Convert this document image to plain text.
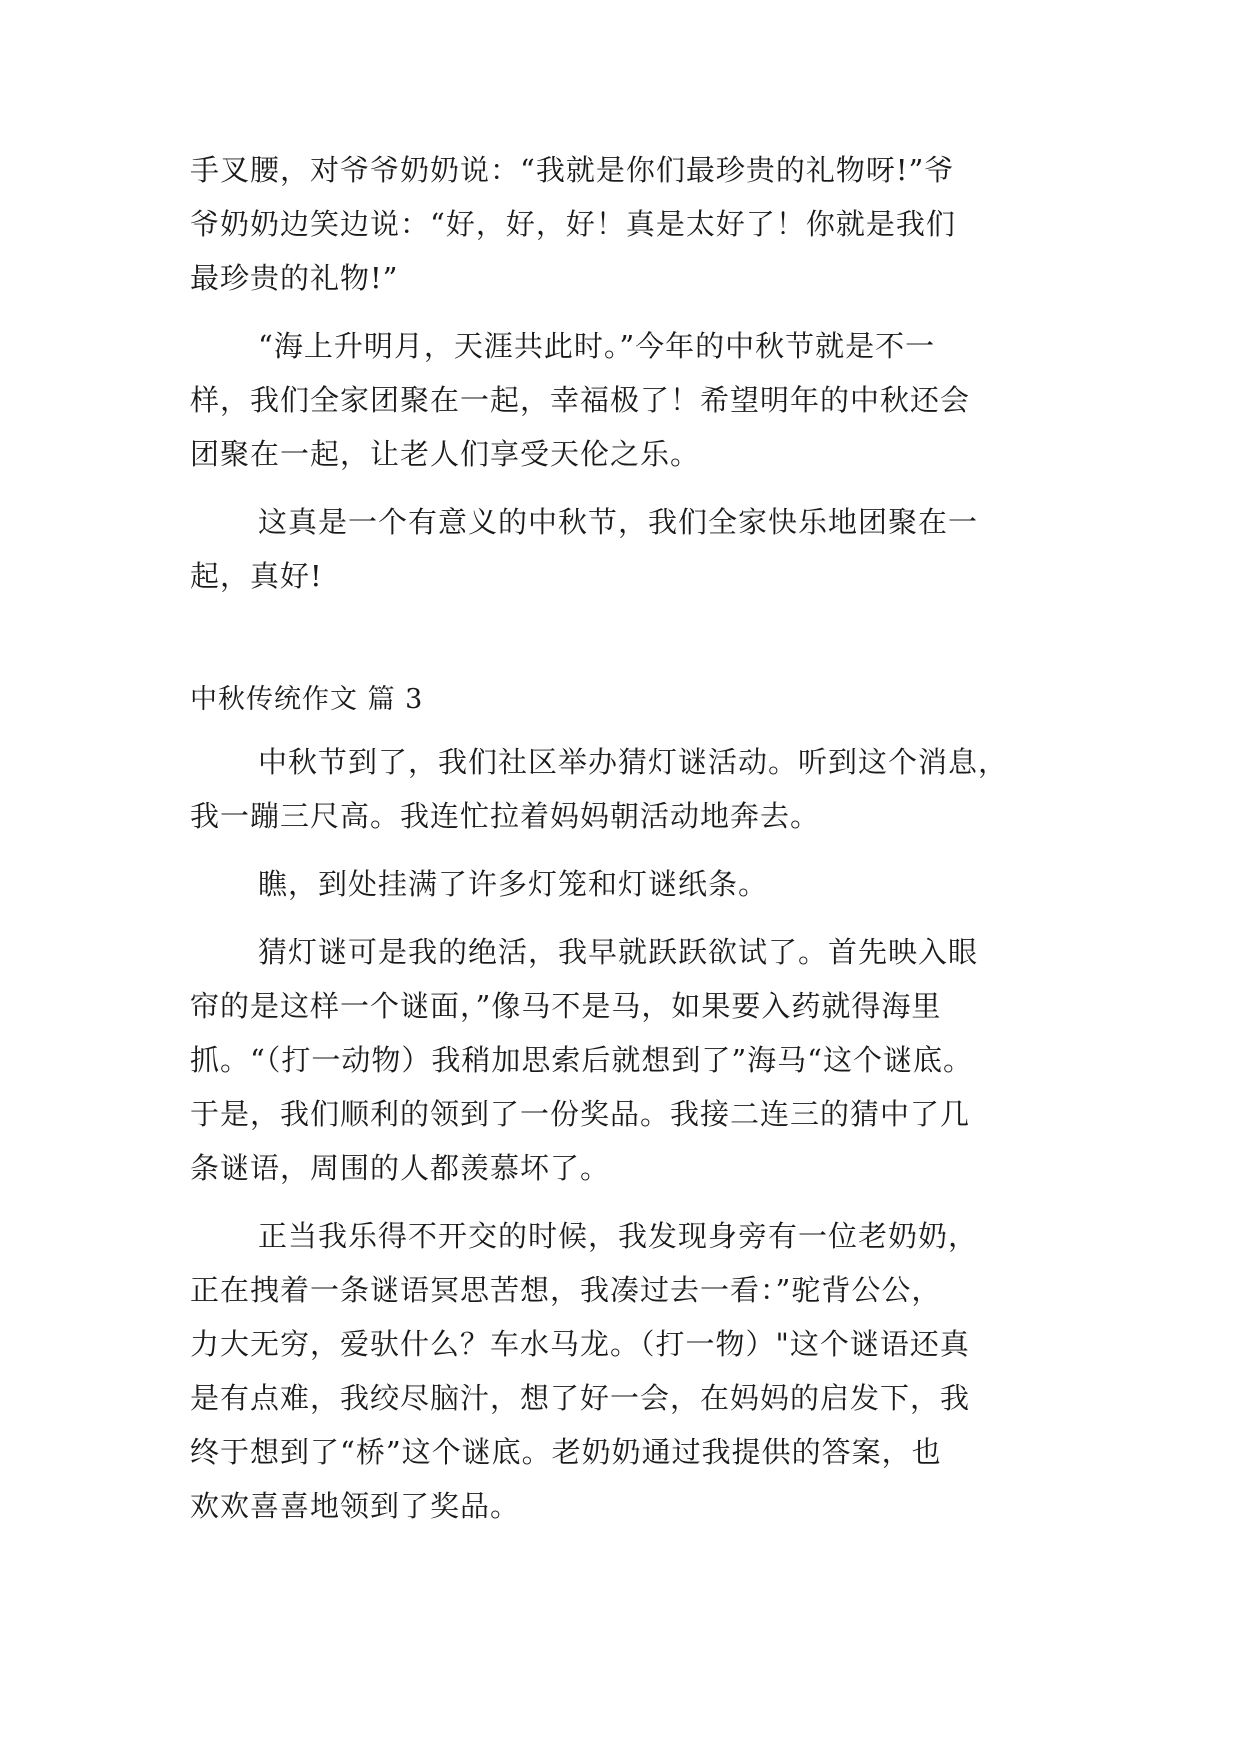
手叉腰，对爷爷奶奶说：“我就是你们最珍贵的礼物呀!”爷
爷奶奶边笑边说：“好，好，好！真是太好了！你就是我们
最珍贵的礼物!”
“海上升明月，天涯共此时。”今年的中秋节就是不一
样，我们全家团聚在一起，幸福极了！希望明年的中秋还会
团聚在一起，让老人们享受天伦之乐。
这真是一个有意义的中秋节，我们全家快乐地团聚在一
起，真好!
中秋传统作文 篇 3
中秋节到了，我们社区举办猜灯谜活动。听到这个消息，
我一蹦三尺高。我连忙拉着妈妈朝活动地奔去。
瞧，到处挂满了许多灯笼和灯谜纸条。
猜灯谜可是我的绝活，我早就跃跃欲试了。首先映入眼
帘的是这样一个谜面，”像马不是马，如果要入药就得海里
抓。“（打一动物）我稍加思索后就想到了”海马“这个谜底。
于是，我们顺利的领到了一份奖品。我接二连三的猜中了几
条谜语，周围的人都羡慕坏了。
正当我乐得不开交的时候，我发现身旁有一位老奶奶，
正在拽着一条谜语冥思苦想，我凑过去一看：”驼背公公，
力大无穷，爱驮什么？车水马龙。（打一物）"这个谜语还真
是有点难，我绞尽脑汁，想了好一会，在妈妈的启发下，我
终于想到了“桥”这个谜底。老奶奶通过我提供的答案，也
欢欢喜喜地领到了奖品。
